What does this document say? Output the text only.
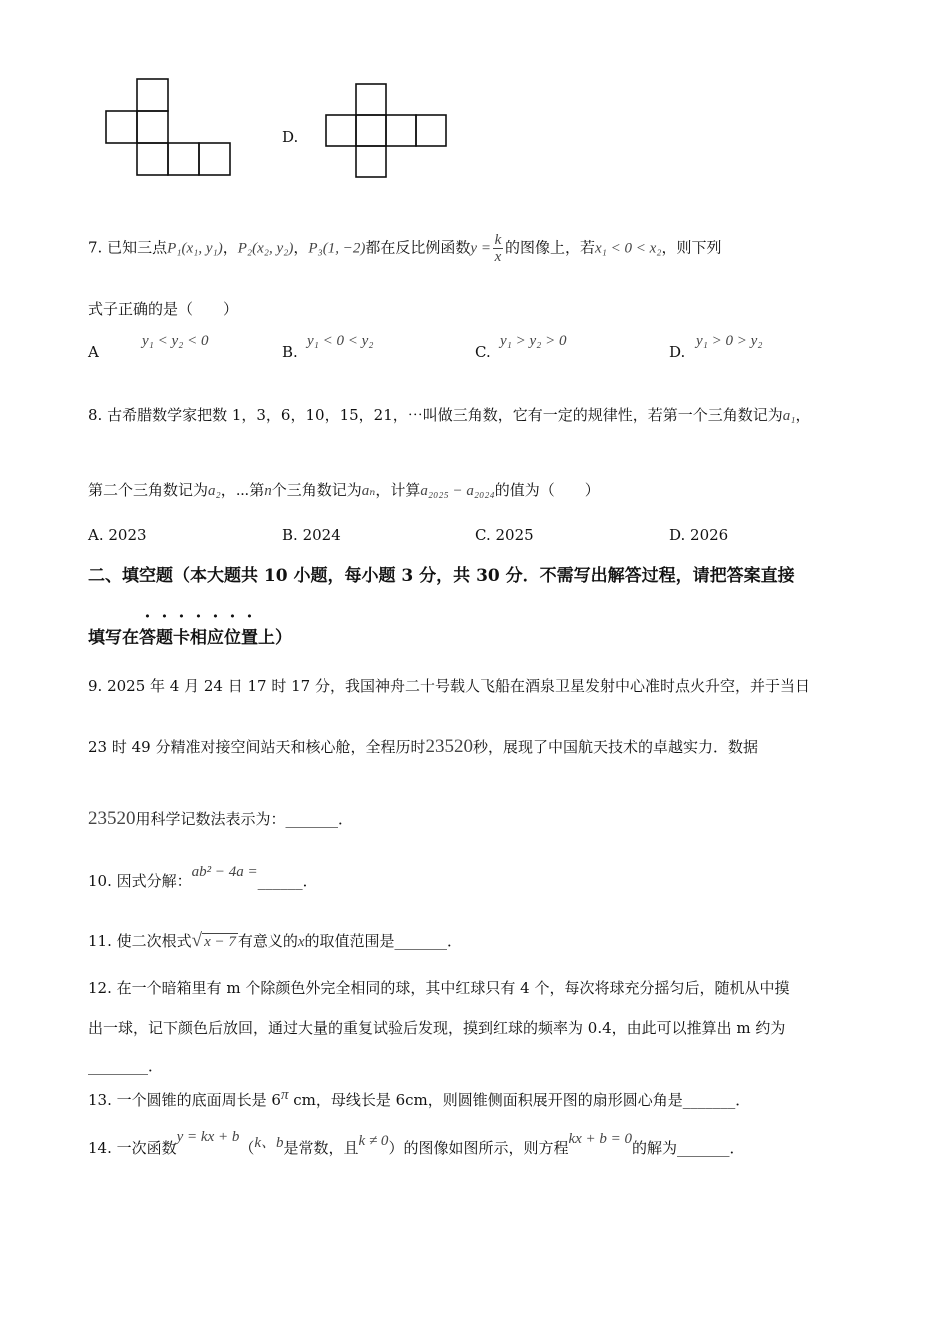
D.
7. 已知三点P₁(x₁, y₁)，P₂(x₂, y₂)，P₃(1, −2)都在反比例函数$y = \frac{k}{x}$ 的图像上，若x₁ < 0 < x₂，则下列
式子正确的是（　　）
A
y₁ < y₂ < 0
B.
y₁ < 0 < y₂
C.
y₁ > y₂ > 0
D.
y₁ > 0 > y₂
8. 古希腊数学家把数 1，3，6，10，15，21，⋯叫做三角数，它有一定的规律性，若第一个三角数记为a₁，
第二个三角数记为a₂，⋯第n个三角数记为aₙ，计算a₂₀₂₅ − a₂₀₂₄的值为（　　）
A. 2023	B. 2024	C. 2025	D. 2026
二、填空题（本大题共 10 小题，每小题 3 分，共 30 分．不需写出解答过程，请把答案直接
填写在答题卡相应位置上）
9. 2025 年 4 月 24 日 17 时 17 分，我国神舟二十号载人飞船在酒泉卫星发射中心准时点火升空，并于当日
23 时 49 分精准对接空间站天和核心舱，全程历时23520秒，展现了中国航天技术的卓越实力．数据
23520用科学记数法表示为：_______．
10. 因式分解：ab² − 4a =______．
11. 使二次根式√ x − 7 有意义的x的取值范围是_______．
12. 在一个暗箱里有 m 个除颜色外完全相同的球，其中红球只有 4 个，每次将球充分摇匀后，随机从中摸
出一球，记下颜色后放回，通过大量的重复试验后发现，摸到红球的频率为 0.4，由此可以推算出 m 约为
________．
13. 一个圆锥的底面周长是 6π cm，母线长是 6cm，则圆锥侧面积展开图的扇形圆心角是_______．
14. 一次函数y = kx + b（k、b是常数，且k ≠ 0）的图像如图所示，则方程kx + b = 0的解为_______．
